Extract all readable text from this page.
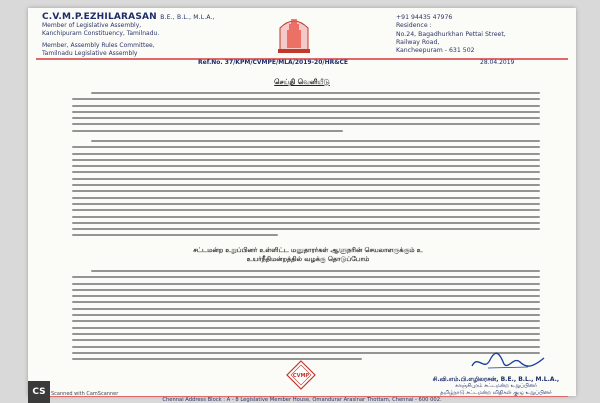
C.V.M.P.EZHILARASAN B.E., B.L., M.L.A.,
Member of Legislative Assembly,
Kanchipuram Constituency, Tamilnadu.
Member, Assembly Rules Committee,
Tamilnadu Legislative Assembly
+91 94435 47976
Residence :
No.24, Bagadhurkhan Pettai Street,
Railway Road,
Kancheepuram - 631 502
Ref.No. 37/KPM/CVMPE/MLA/2019-20/HR&CE	28.04.2019
செய்தி வெளியீடு
சட்டமன்ற உறுப்பினர் உள்ளிட்ட மனுதாரர்கள் ஆளுநரின் செயலாளருக்கும் உ
உயர்நீதிமன்றத்தில் வழக்கு தொடுப்போம்
CVMP	சி.வி.எம்.பி.எழிலரசன், B.E., B.L., M.L.A.,
காஞ்சிபுரம் சட்டமன்ற உறுப்பினர்
தமிழ்நாடு சட்டமன்ற விதிகள் குழு உறுப்பினர்
Chennai Address Block : A - 8 Legislative Member House, Omandurar Arasinar Thottam, Chennai - 600 002.
CS	Scanned with CamScanner
